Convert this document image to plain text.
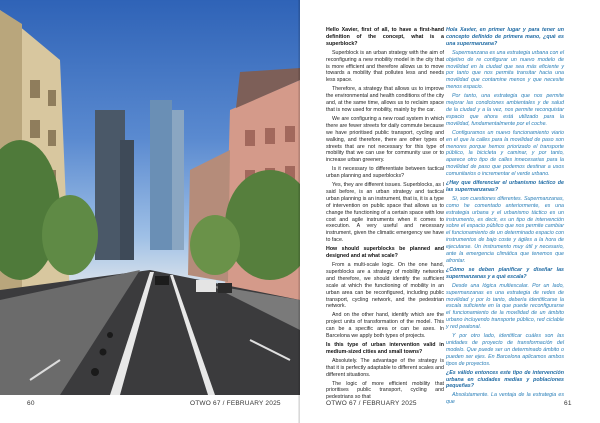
60	OTWO 67 / FEBRUARY 2025

Hello Xavier, first of all, to have a first-hand definition of the concept, what is a superblock?

Superblock is an urban strategy with the aim of reconfiguring a new mobility model in the city that is more efficient and therefore allows us to move towards a mobility that pollutes less and needs less space.

Therefore, a strategy that allows us to improve the environmental and health conditions of the city and, at the same time, allows us to reclaim space that is now used for mobility, mainly by the car.

We are configuring a new road system in which there are fewer streets for daily commute because we have prioritised public transport, cycling and walking, and therefore, there are other types of streets that are not necessary for this type of mobility that we can use for community use or to increase urban greenery.

Is it necessary to differentiate between tactical urban planning and superblocks?

Yes, they are different issues. Superblocks, as I said before, is an urban strategy and tactical urban planning is an instrument, that is, it is a type of intervention on public space that allows us to change the functioning of a certain space with low cost and agile instruments when it comes to execution. A very useful and necessary instrument, given the climatic emergency we have to face.

How should superblocks be planned and designed and at what scale?

From a multi-scale logic. On the one hand, superblocks are a strategy of mobility networks and therefore, we should identify the sufficient scale at which the functioning of mobility in an urban area can be reconfigured, including public transport, cycling network, and the pedestrian network.

And on the other hand, identify which are the project units of transformation of the model. This can be a specific area or can be axes. In Barcelona we apply both types of projects.

Is this type of urban intervention valid in medium-sized cities and small towns?

Absolutely. The advantage of the strategy is that it is perfectly adaptable to different scales and different situations.

The logic of more efficient mobility that prioritises public transport, cycling and pedestrians so that

Hola Xavier, en primer lugar y para tener un concepto definido de primera mano, ¿qué es una supermanzana?

Supermanzana es una estrategia urbana con el objetivo de re configurar un nuevo modelo de movilidad en la ciudad que sea más eficiente y por tanto que nos permita transitar hacia una movilidad que contamine menos y que necesite menos espacio.

Por tanto, una estrategia que nos permite mejorar las condiciones ambientales y de salud de la ciudad y a la vez, nos permite reconquistar espacio que ahora está utilizado para la movilidad, fundamentalmente por el coche.

Configuramos un nuevo funcionamiento viario en el que la calles para la movilidad de paso son menores porque hemos priorizado el transporte público, la bicicleta y caminar, y por tanto, aparece otro tipo de calles innecesarias para la movilidad de paso que podemos destinar a usos comunitarios o incrementar el verde urbano.

¿Hay que diferenciar el urbanismo táctico de las supermanzanas?

Si, son cuestiones diferentes. Supermanzanas, como he comentado anteriormente, es una estrategia urbana y el urbanismo táctico es un instrumento, es decir, es un tipo de intervención sobre el espacio público que nos permite cambiar el funcionamiento de un determinado espacio con instrumentos de bajo coste y ágiles a la hora de ejecutarse. Un instrumento muy útil y necesario, ante la emergencia climática que tenemos que afrontar.

¿Cómo se deben planificar y diseñar las supermanzanas y a qué escala?

Desde una lógica multiescalar. Por un lado, supermanzanas es una estrategia de redes de movilidad y por lo tanto, debería identificarse la escala suficiente en la que puede reconfigurarse el funcionamiento de la movilidad de un ámbito urbano incluyendo transporte público, red ciclable y red peatonal.

Y por otro lado, identificar cuáles son las unidades de proyecto de transformación del modelo. Que puede ser un determinado ámbito o pueden ser ejes. En Barcelona aplicamos ambos tipos de proyectos.

¿Es válido entonces este tipo de intervención urbana en ciudades medias y poblaciones pequeñas?

Absolutamente. La ventaja de la estrategia es que

OTWO 67 / FEBRUARY 2025	61
